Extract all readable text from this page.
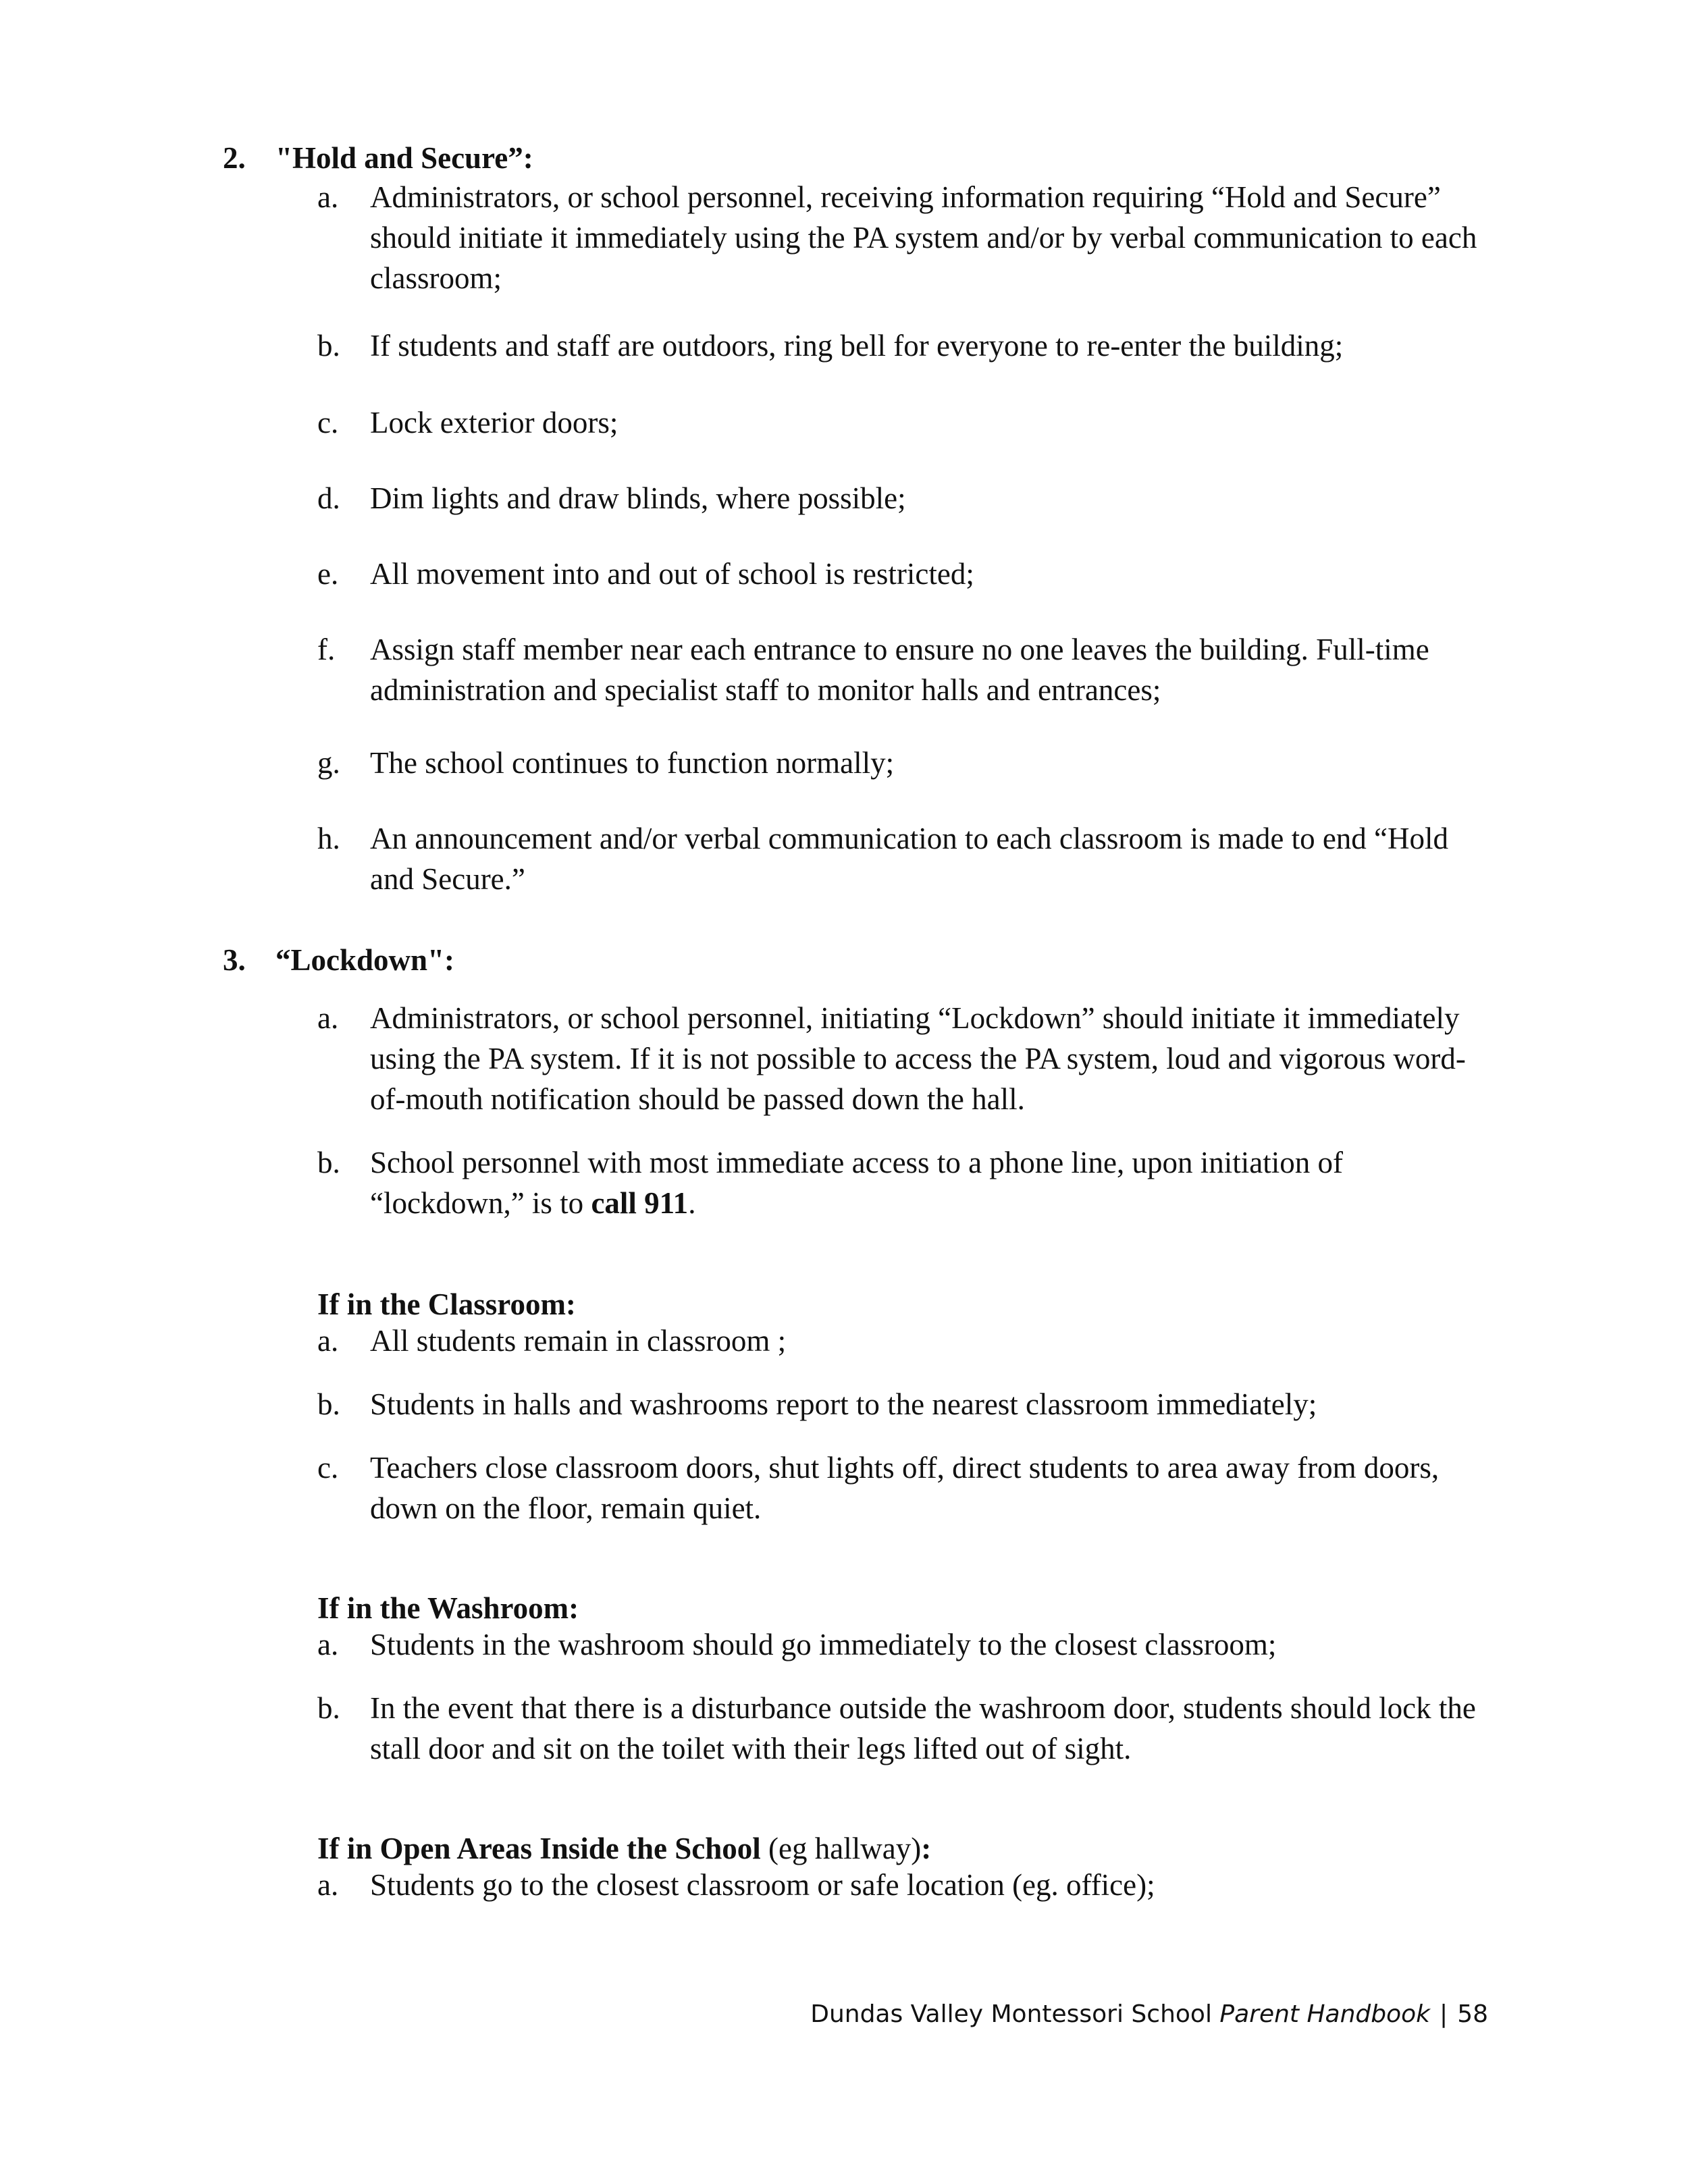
2. "Hold and Secure”:
a.	Administrators, or school personnel, receiving information requiring “Hold and Secure” should initiate it immediately using the PA system and/or by verbal communication to each classroom;
b. If students and staff are outdoors, ring bell for everyone to re-enter the building;
c.	Lock exterior doors;
d. Dim lights and draw blinds, where possible;
e.	All movement into and out of school is restricted;
f.	Assign staff member near each entrance to ensure no one leaves the building. Full-time administration and specialist staff to monitor halls and entrances;
g. The school continues to function normally;
h. An announcement and/or verbal communication to each classroom is made to end “Hold and Secure.”
3. “Lockdown":
a.	Administrators, or school personnel, initiating “Lockdown” should initiate it immediately using the PA system. If it is not possible to access the PA system, loud and vigorous word-of-mouth notification should be passed down the hall.
b. School personnel with most immediate access to a phone line, upon initiation of “lockdown,” is to call 911.
If in the Classroom:
a.	All students remain in classroom ;
b. Students in halls and washrooms report to the nearest classroom immediately;
c.	Teachers close classroom doors, shut lights off, direct students to area away from doors, down on the floor, remain quiet.
If in the Washroom:
a.	Students in the washroom should go immediately to the closest classroom;
b. In the event that there is a disturbance outside the washroom door, students should lock the stall door and sit on the toilet with their legs lifted out of sight.
If in Open Areas Inside the School (eg hallway):
a.	Students go to the closest classroom or safe location (eg. office);
Dundas Valley Montessori School Parent Handbook | 58
